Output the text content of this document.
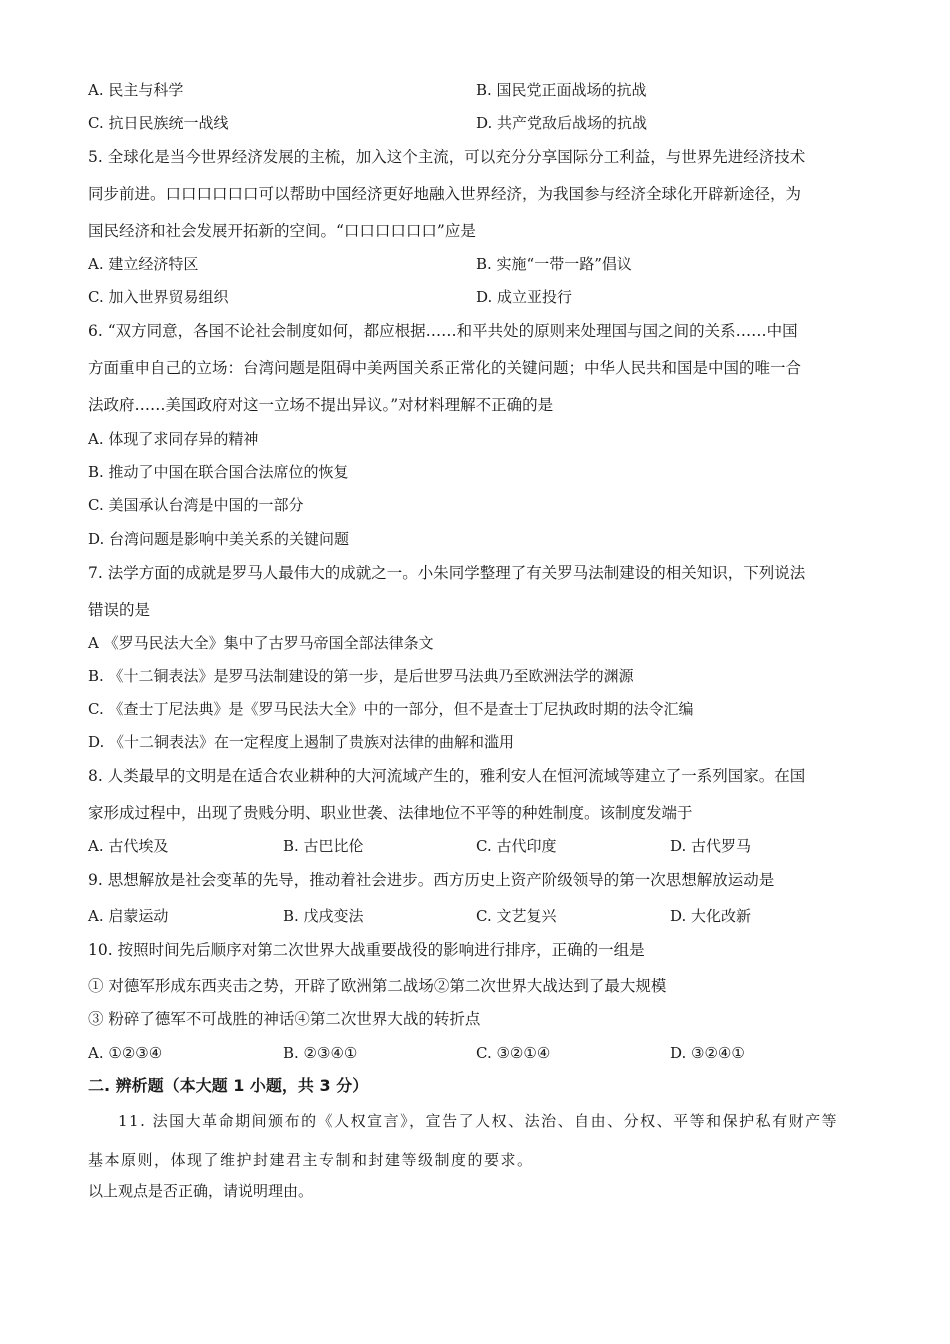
A. 民主与科学	B. 国民党正面战场的抗战
C. 抗日民族统一战线	D. 共产党敌后战场的抗战
5. 全球化是当今世界经济发展的主梳，加入这个主流，可以充分分享国际分工利益，与世界先进经济技术
同步前进。口口口口口口可以帮助中国经济更好地融入世界经济，为我国参与经济全球化开辟新途径，为
国民经济和社会发展开拓新的空间。“口口口口口口”应是
A. 建立经济特区	B. 实施“一带一路”倡议
C. 加入世界贸易组织	D. 成立亚投行
6. “双方同意，各国不论社会制度如何，都应根据……和平共处的原则来处理国与国之间的关系……中国
方面重申自己的立场：台湾问题是阻碍中美两国关系正常化的关键问题；中华人民共和国是中国的唯一合
法政府……美国政府对这一立场不提出异议。”对材料理解不正确的是
A. 体现了求同存异的精神
B. 推动了中国在联合国合法席位的恢复
C. 美国承认台湾是中国的一部分
D. 台湾问题是影响中美关系的关键问题
7. 法学方面的成就是罗马人最伟大的成就之一。小朱同学整理了有关罗马法制建设的相关知识，下列说法
错误的是
A 《罗马民法大全》集中了古罗马帝国全部法律条文
B. 《十二铜表法》是罗马法制建设的第一步，是后世罗马法典乃至欧洲法学的渊源
C. 《查士丁尼法典》是《罗马民法大全》中的一部分，但不是查士丁尼执政时期的法令汇编
D. 《十二铜表法》在一定程度上遏制了贵族对法律的曲解和滥用
8. 人类最早的文明是在适合农业耕种的大河流域产生的，雅利安人在恒河流域等建立了一系列国家。在国
家形成过程中，出现了贵贱分明、职业世袭、法律地位不平等的种姓制度。该制度发端于
A. 古代埃及	B. 古巴比伦	C. 古代印度	D. 古代罗马
9. 思想解放是社会变革的先导，推动着社会进步。西方历史上资产阶级领导的第一次思想解放运动是
A. 启蒙运动	B. 戊戌变法	C. 文艺复兴	D. 大化改新
10. 按照时间先后顺序对第二次世界大战重要战役的影响进行排序，正确的一组是
① 对德军形成东西夹击之势，开辟了欧洲第二战场②第二次世界大战达到了最大规模
③ 粉碎了德军不可战胜的神话④第二次世界大战的转折点
A. ①②③④	B. ②③④①	C. ③②①④	D. ③②④①
二. 辨析题（本大题 1 小题，共 3 分）
11. 法国大革命期间颁布的《人权宣言》，宣告了人权、法治、自由、分权、平等和保护私有财产等
基本原则，体现了维护封建君主专制和封建等级制度的要求。
以上观点是否正确，请说明理由。
